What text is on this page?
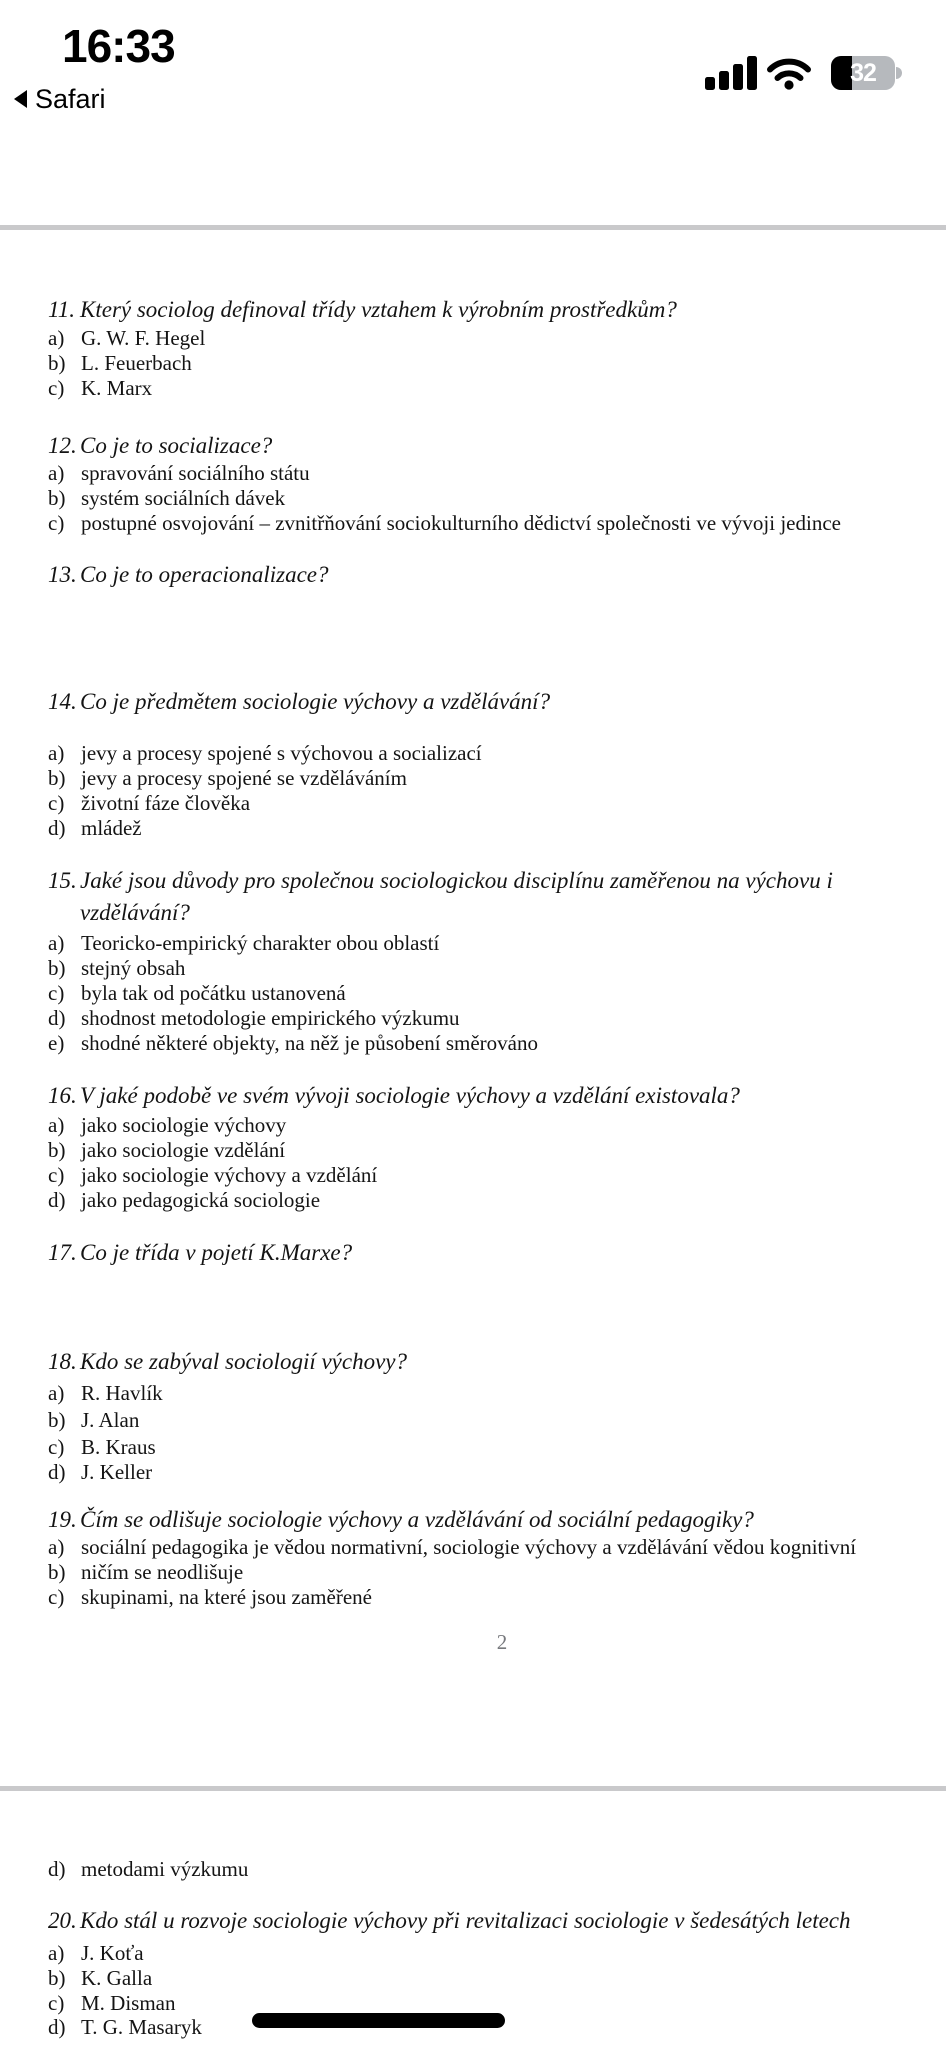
16:33
Safari
32
11. Který sociolog definoval třídy vztahem k výrobním prostředkům?
a) G. W. F. Hegel
b) L. Feuerbach
c) K. Marx
12. Co je to socializace?
a) spravování sociálního státu
b) systém sociálních dávek
c) postupné osvojování – zvnitřňování sociokulturního dědictví společnosti ve vývoji jedince
13. Co je to operacionalizace?
14. Co je předmětem sociologie výchovy a vzdělávání?
a) jevy a procesy spojené s výchovou a socializací
b) jevy a procesy spojené se vzděláváním
c) životní fáze člověka
d) mládež
15. Jaké jsou důvody pro společnou sociologickou disciplínu zaměřenou na výchovu i
vzdělávání?
a) Teoricko-empirický charakter obou oblastí
b) stejný obsah
c) byla tak od počátku ustanovená
d) shodnost metodologie empirického výzkumu
e) shodné některé objekty, na něž je působení směrováno
16. V jaké podobě ve svém vývoji sociologie výchovy a vzdělání existovala?
a) jako sociologie výchovy
b) jako sociologie vzdělání
c) jako sociologie výchovy a vzdělání
d) jako pedagogická sociologie
17. Co je třída v pojetí K.Marxe?
18. Kdo se zabýval sociologií výchovy?
a) R. Havlík
b) J. Alan
c) B. Kraus
d) J. Keller
19. Čím se odlišuje sociologie výchovy a vzdělávání od sociální pedagogiky?
a) sociální pedagogika je vědou normativní, sociologie výchovy a vzdělávání vědou kognitivní
b) ničím se neodlišuje
c) skupinami, na které jsou zaměřené
2
d) metodami výzkumu
20. Kdo stál u rozvoje sociologie výchovy při revitalizaci sociologie v šedesátých letech
a) J. Koťa
b) K. Galla
c) M. Disman
d) T. G. Masaryk
